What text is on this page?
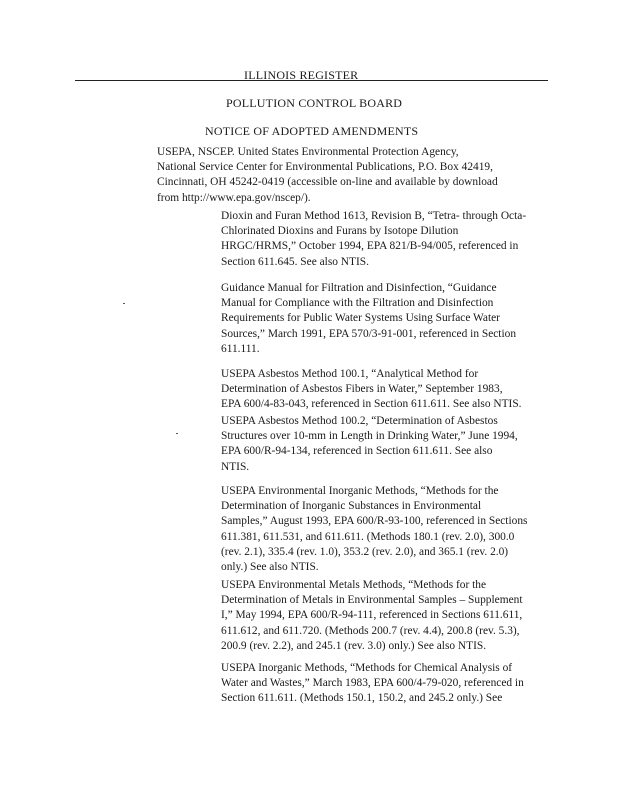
ILLINOIS REGISTER
POLLUTION CONTROL BOARD
NOTICE OF ADOPTED AMENDMENTS
USEPA, NSCEP. United States Environmental Protection Agency,
National Service Center for Environmental Publications, P.O. Box 42419,
Cincinnati, OH 45242-0419 (accessible on-line and available by download
from http://www.epa.gov/nscep/).
Dioxin and Furan Method 1613, Revision B, “Tetra- through Octa-
Chlorinated Dioxins and Furans by Isotope Dilution
HRGC/HRMS,” October 1994, EPA 821/B-94/005, referenced in
Section 611.645. See also NTIS.
Guidance Manual for Filtration and Disinfection, “Guidance
Manual for Compliance with the Filtration and Disinfection
Requirements for Public Water Systems Using Surface Water
Sources,” March 1991, EPA 570/3-91-001, referenced in Section
611.111.
USEPA Asbestos Method 100.1, “Analytical Method for
Determination of Asbestos Fibers in Water,” September 1983,
EPA 600/4-83-043, referenced in Section 611.611. See also NTIS.
USEPA Asbestos Method 100.2, “Determination of Asbestos
Structures over 10-mm in Length in Drinking Water,” June 1994,
EPA 600/R-94-134, referenced in Section 611.611. See also
NTIS.
USEPA Environmental Inorganic Methods, “Methods for the
Determination of Inorganic Substances in Environmental
Samples,” August 1993, EPA 600/R-93-100, referenced in Sections
611.381, 611.531, and 611.611. (Methods 180.1 (rev. 2.0), 300.0
(rev. 2.1), 335.4 (rev. 1.0), 353.2 (rev. 2.0), and 365.1 (rev. 2.0)
only.) See also NTIS.
USEPA Environmental Metals Methods, “Methods for the
Determination of Metals in Environmental Samples – Supplement
I,” May 1994, EPA 600/R-94-111, referenced in Sections 611.611,
611.612, and 611.720. (Methods 200.7 (rev. 4.4), 200.8 (rev. 5.3),
200.9 (rev. 2.2), and 245.1 (rev. 3.0) only.) See also NTIS.
USEPA Inorganic Methods, “Methods for Chemical Analysis of
Water and Wastes,” March 1983, EPA 600/4-79-020, referenced in
Section 611.611. (Methods 150.1, 150.2, and 245.2 only.) See
